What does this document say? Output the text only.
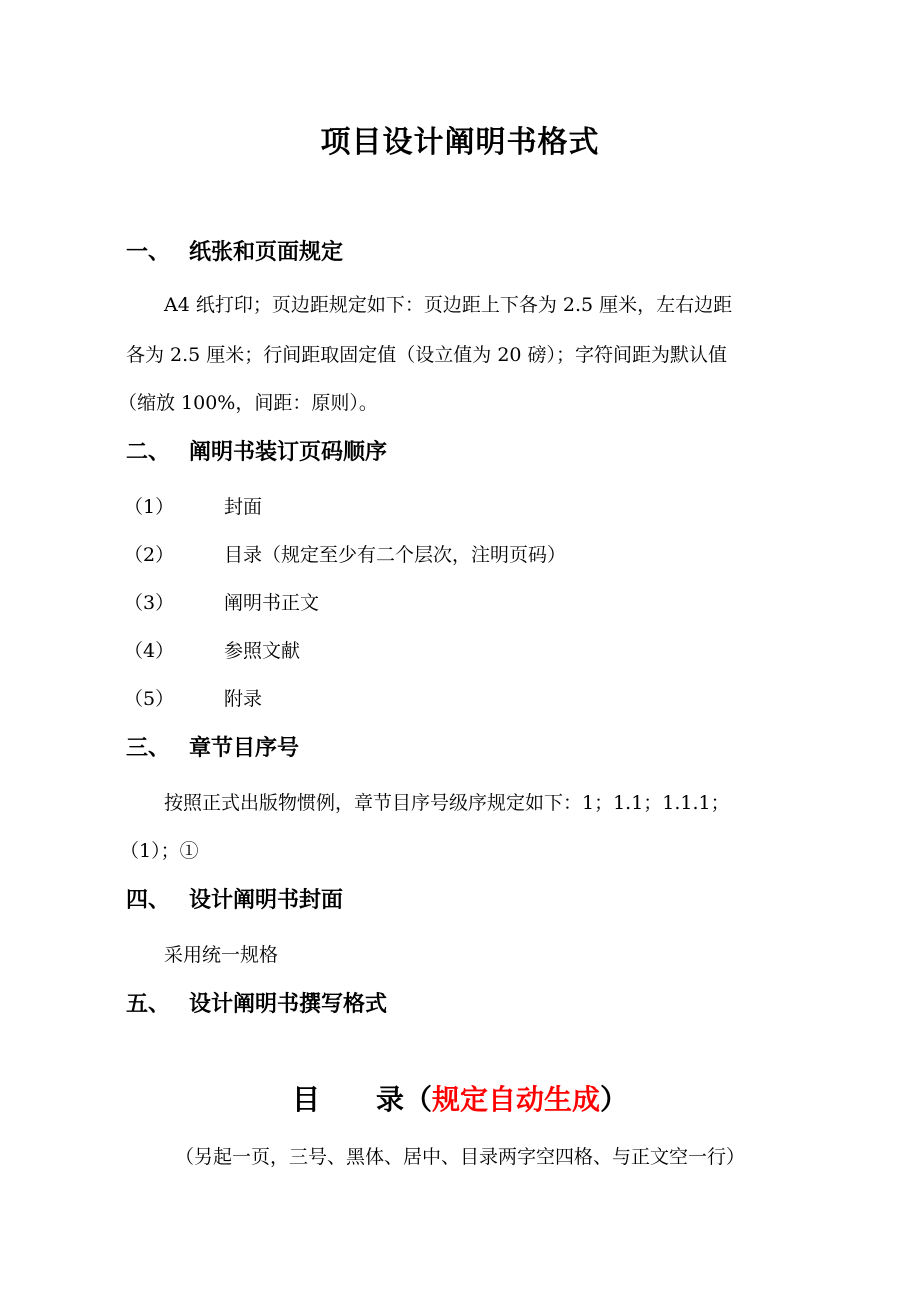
项目设计阐明书格式
一、 纸张和页面规定
A4 纸打印；页边距规定如下：页边距上下各为 2.5 厘米，左右边距
各为 2.5 厘米；行间距取固定值（设立值为 20 磅）；字符间距为默认值
（缩放 100%，间距：原则）。
二、 阐明书装订页码顺序
（1）	封面
（2）	目录（规定至少有二个层次，注明页码）
（3）	阐明书正文
（4）	参照文献
（5）	附录
三、 章节目序号
按照正式出版物惯例，章节目序号级序规定如下：1；1.1；1.1.1；
（1）；①
四、 设计阐明书封面
采用统一规格
五、 设计阐明书撰写格式
目 录（规定自动生成）
（另起一页，三号、黑体、居中、目录两字空四格、与正文空一行）
